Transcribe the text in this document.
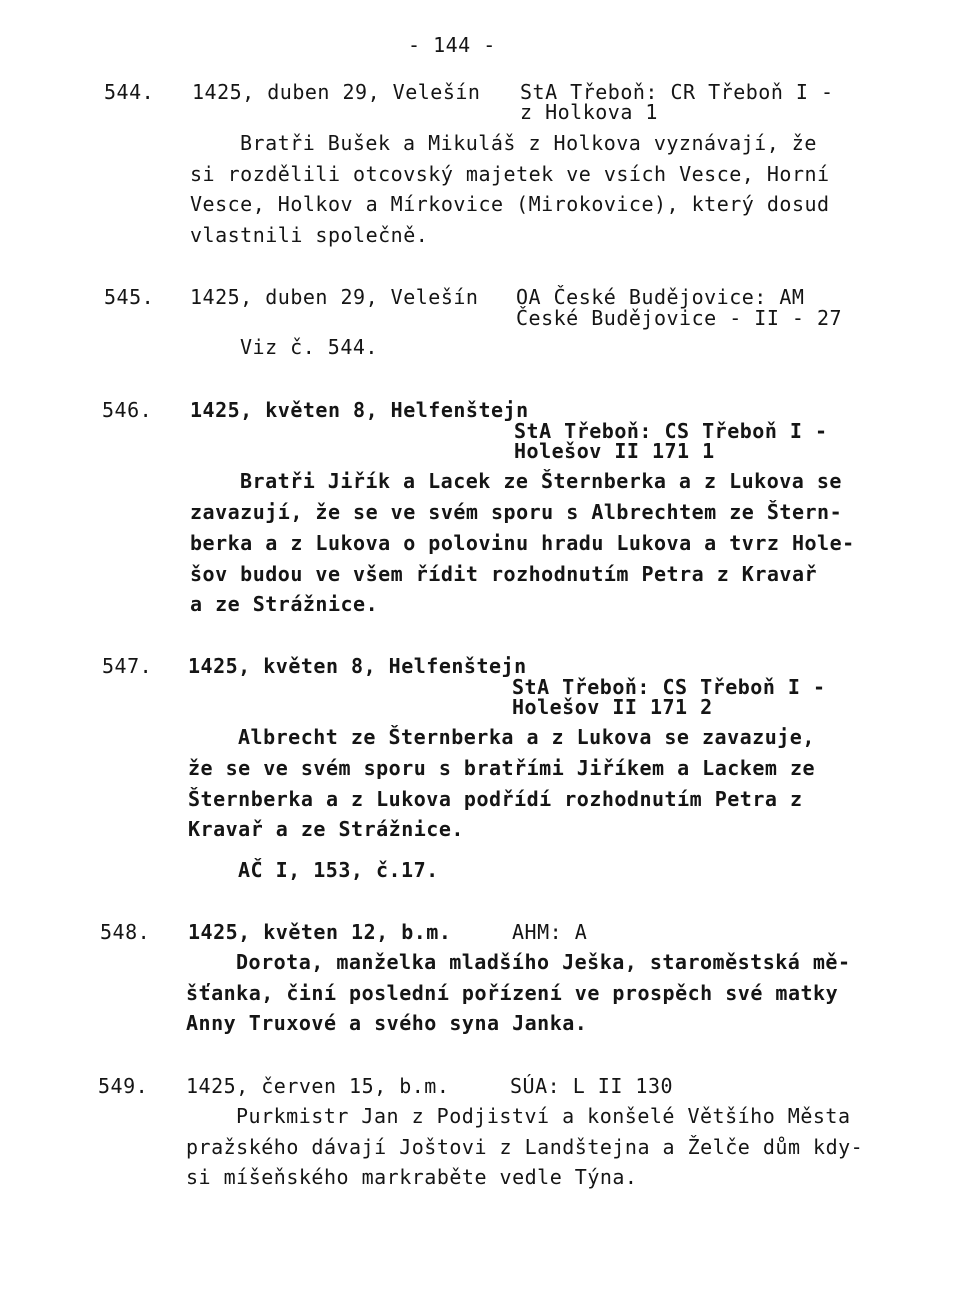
- 144 -
544. 1425, duben 29, Velešín StA Třeboň: CR Třeboň I -
z Holkova 1
Bratři Bušek a Mikuláš z Holkova vyznávají, že
si rozdělili otcovský majetek ve vsích Vesce, Horní
Vesce, Holkov a Mírkovice (Mirokovice), který dosud
vlastnili společně.
545. 1425, duben 29, Velešín OA České Budějovice: AM
České Budějovice - II - 27
Viz č. 544.
546. 1425, květen 8, Helfenštejn
StA Třeboň: CS Třeboň I -
Holešov II 171 1
Bratři Jiřík a Lacek ze Šternberka a z Lukova se
zavazují, že se ve svém sporu s Albrechtem ze Štern-
berka a z Lukova o polovinu hradu Lukova a tvrz Hole-
šov budou ve všem řídit rozhodnutím Petra z Kravař
a ze Strážnice.
547. 1425, květen 8, Helfenštejn
StA Třeboň: CS Třeboň I -
Holešov II 171 2
Albrecht ze Šternberka a z Lukova se zavazuje,
že se ve svém sporu s bratřími Jiříkem a Lackem ze
Šternberka a z Lukova podřídí rozhodnutím Petra z
Kravař a ze Strážnice.
AČ I, 153, č.17.
548. 1425, květen 12, b.m.	AHM: A
Dorota, manželka mladšího Ješka, staroměstská mě-
šťanka, činí poslední pořízení ve prospěch své matky
Anny Truxové a svého syna Janka.
549. 1425, červen 15, b.m.	SÚA: L II 130
Purkmistr Jan z Podjiství a konšelé Většího Města
pražského dávají Joštovi z Landštejna a Želče dům kdy-
si míšeňského markraběte vedle Týna.
